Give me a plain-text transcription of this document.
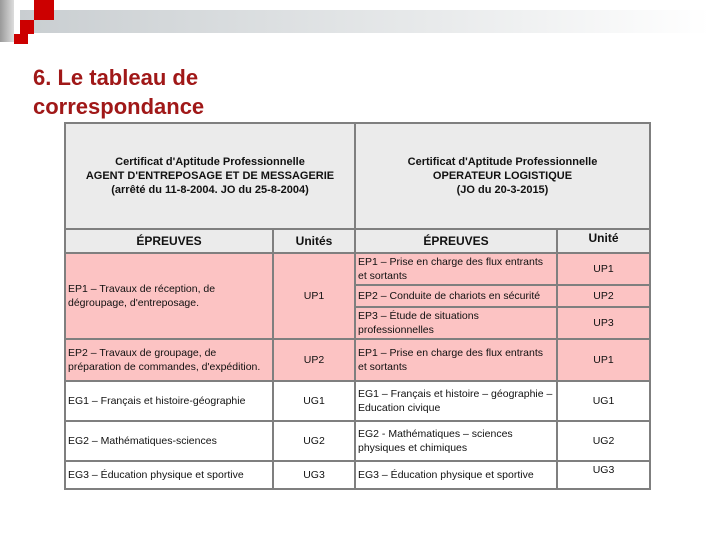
6. Le tableau de correspondance
Certificat d'Aptitude Professionnelle
AGENT D'ENTREPOSAGE ET DE MESSAGERIE
(arrêté du 11-8-2004. JO du 25-8-2004)		Certificat d'Aptitude Professionnelle
OPERATEUR LOGISTIQUE
(JO du 20-3-2015)	
ÉPREUVES	Unités	ÉPREUVES	Unité
EP1 – Travaux de réception, de dégroupage, d'entreposage.	UP1	EP1 – Prise en charge des flux entrants et sortants	UP1
		EP2 – Conduite de chariots en sécurité	UP2
		EP3 – Étude de situations professionnelles	UP3
EP2 – Travaux de groupage, de préparation de commandes, d'expédition.	UP2	EP1 – Prise en charge des flux entrants et sortants	UP1
EG1 – Français et histoire-géographie	UG1	EG1 – Français et histoire – géographie – Education civique	UG1
EG2 – Mathématiques-sciences	UG2	EG2 - Mathématiques – sciences physiques et chimiques	UG2
EG3 – Éducation physique et sportive	UG3	EG3 – Éducation physique et sportive	UG3
